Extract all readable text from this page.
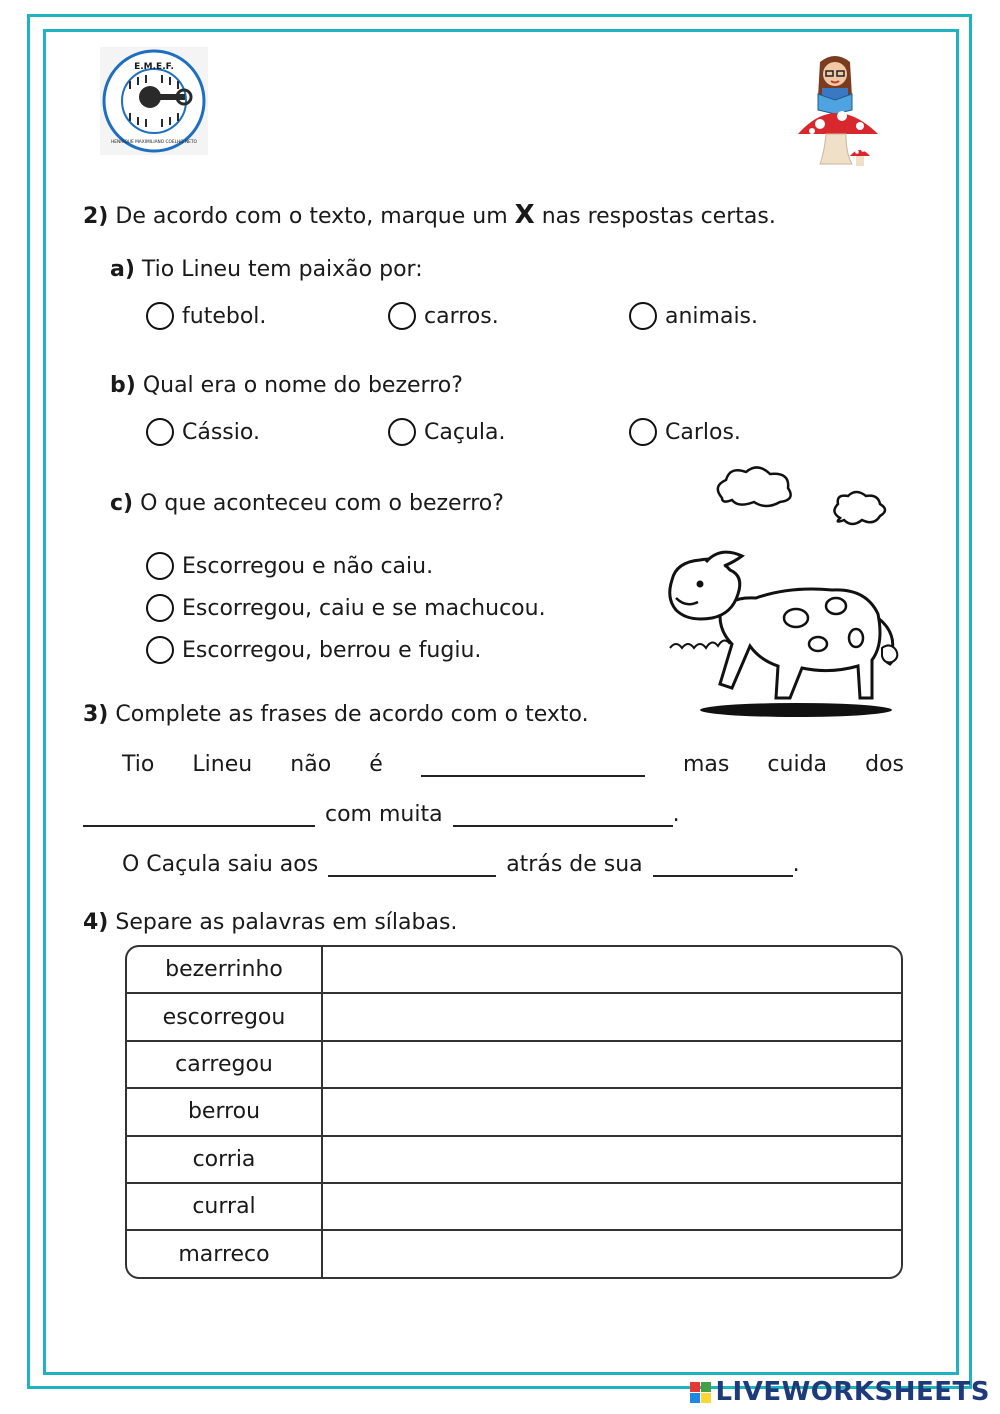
E.M.E.F.
HENRIQUE MAXIMILIANO COELHO NETO
2) De acordo com o texto, marque um X nas respostas certas.
a) Tio Lineu tem paixão por:
futebol.	carros.	animais.
b) Qual era o nome do bezerro?
Cássio.	Caçula.	Carlos.
c) O que aconteceu com o bezerro?
Escorregou e não caiu.
Escorregou, caiu e se machucou.
Escorregou, berrou e fugiu.
3) Complete as frases de acordo com o texto.
Tio Lineu não é	mas cuida dos
com muita	.
O Caçula saiu aos	atrás de sua	.
4) Separe as palavras em sílabas.
bezerrinho	
escorregou	
carregou	
berrou	
corria	
curral	
marreco	
LIVEWORKSHEETS
